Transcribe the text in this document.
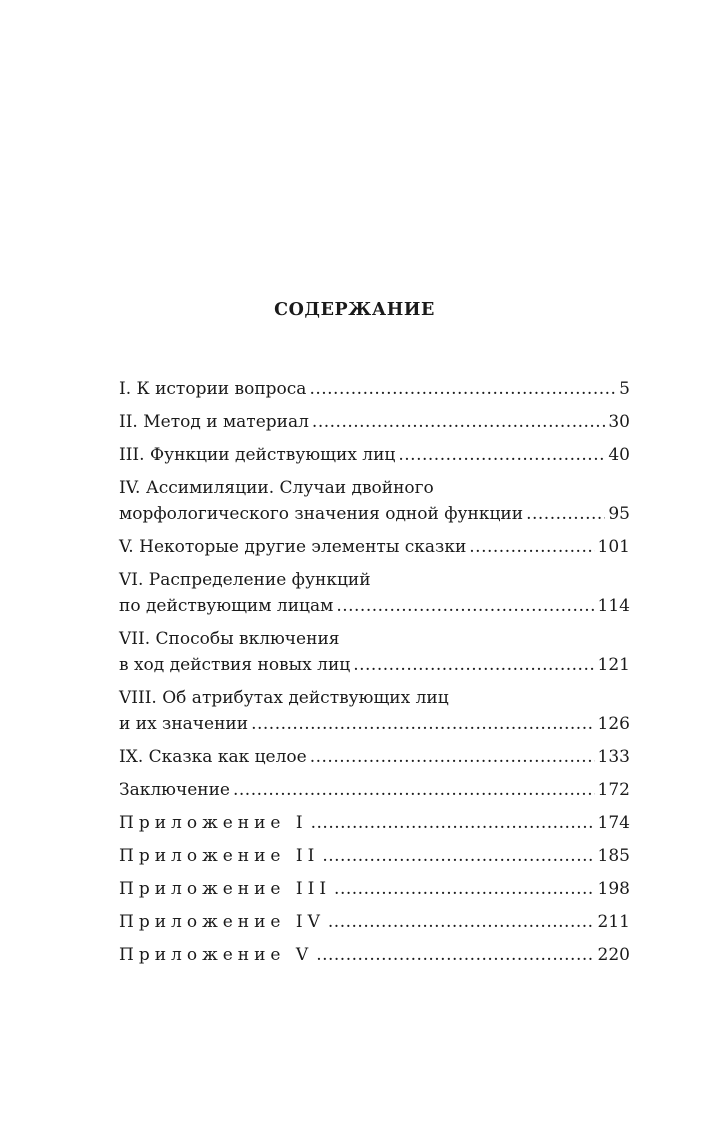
СОДЕРЖАНИЕ
I. К истории вопроса .....	5
II. Метод и материал .....	30
III. Функции действующих лиц .....	40
IV. Ассимиляции. Случаи двойного
морфологического значения одной функции .....	95
V. Некоторые другие элементы сказки .....	101
VI. Распределение функций
по действующим лицам .....	114
VII. Способы включения
в ход действия новых лиц .....	121
VIII. Об атрибутах действующих лиц
и их значении .....	126
IX. Сказка как целое .....	133
Заключение .....	172
Приложение I .....	174
Приложение II .....	185
Приложение III .....	198
Приложение IV .....	211
Приложение V .....	220
